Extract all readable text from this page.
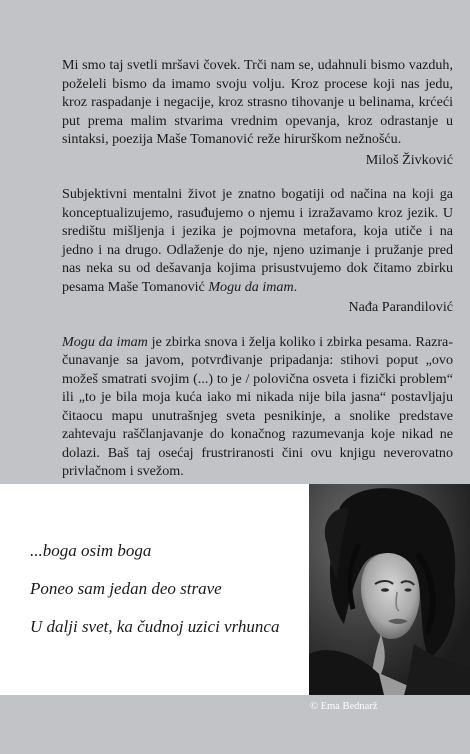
Mi smo taj svetli mršavi čovek. Trči nam se, udahnuli bismo vazduh, poželeli bismo da imamo svoju volju. Kroz procese koji nas jedu, kroz raspadanje i negacije, kroz strasno tihovanje u belinama, krćeći put prema malim stvarima vrednim opevanja, kroz odrastanje u sintaksi, poezija Maše Tomanović reže hirurškom nežnošću.

Miloš Živković

Subjektivni mentalni život je znatno bogatiji od načina na koji ga konceptualizujemo, rasuđujemo o njemu i izražavamo kroz jezik. U središtu mišljenja i jezika je pojmovna metafora, koja utiče i na jedno i na drugo. Odlaženje do nje, njeno uzimanje i pružanje pred nas neka su od dešavanja kojima prisustvujemo dok čitamo zbirku pesama Maše Tomanović Mogu da imam.

Nađa Parandilović

Mogu da imam je zbirka snova i želja koliko i zbirka pesama. Razračunavanje sa javom, potvrđivanje pripadanja: stihovi poput „ovo možeš smatrati svojim (...) to je / polovična osveta i fizički problem“ ili „to je bila moja kuća iako mi nikada nije bila jasna“ postavljaju čitaocu mapu unutrašnjeg sveta pesnikinje, a snolike predstave zahtevaju raščlanjavanje do konačnog razumevanja koje nikad ne dolazi. Baš taj osećaj frustriranosti čini ovu knjigu neverovatno privlačnom i svežom.

...boga osim boga
Poneo sam jedan deo strave
U dalji svet, ka čudnoj uzici vrhunca
© Ema Bednarž
